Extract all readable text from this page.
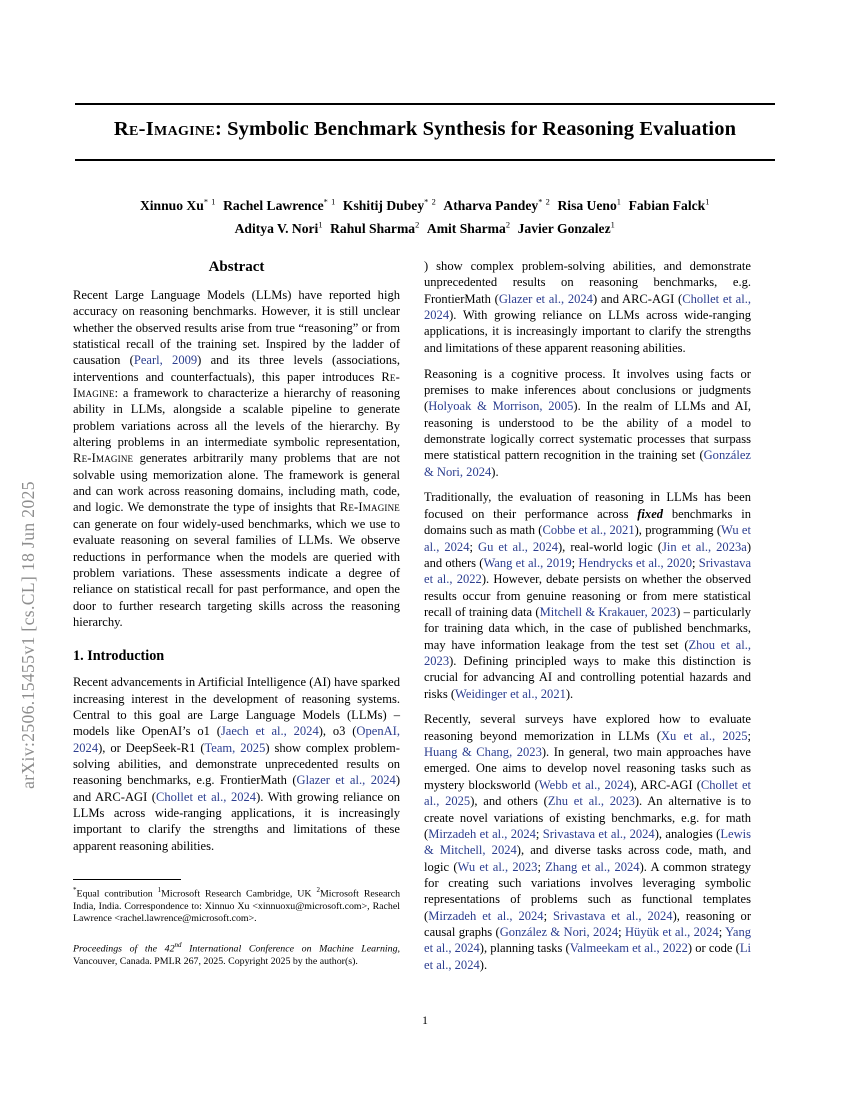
arXiv:2506.15455v1 [cs.CL] 18 Jun 2025
Re-Imagine: Symbolic Benchmark Synthesis for Reasoning Evaluation
Xinnuo Xu$^{* 1}$ Rachel Lawrence$^{* 1}$ Kshitij Dubey$^{* 2}$ Atharva Pandey$^{* 2}$ Risa Ueno$^1$ Fabian Falck$^1$
Aditya V. Nori$^1$ Rahul Sharma$^2$ Amit Sharma$^2$ Javier Gonzalez$^1$
Abstract

Recent Large Language Models (LLMs) have reported high accuracy on reasoning benchmarks. However, it is still unclear whether the observed results arise from true “reasoning” or from statistical recall of the training set. Inspired by the ladder of causation (Pearl, 2009) and its three levels (associations, interventions and counterfactuals), this paper introduces Re-Imagine: a framework to characterize a hierarchy of reasoning ability in LLMs, alongside a scalable pipeline to generate problem variations across all the levels of the hierarchy. By altering problems in an intermediate symbolic representation, Re-Imagine generates arbitrarily many problems that are not solvable using memorization alone. The framework is general and can work across reasoning domains, including math, code, and logic. We demonstrate the type of insights that Re-Imagine can generate on four widely-used benchmarks, which we use to evaluate reasoning on several families of LLMs. We observe reductions in performance when the models are queried with problem variations. These assessments indicate a degree of reliance on statistical recall for past performance, and open the door to further research targeting skills across the reasoning hierarchy.

1. Introduction

Recent advancements in Artificial Intelligence (AI) have sparked increasing interest in the development of reasoning systems. Central to this goal are Large Language Models (LLMs) – models like OpenAI’s o1 (Jaech et al., 2024), o3 (OpenAI, 2024), or DeepSeek-R1 (Team, 2025) show complex problem-solving abilities, and demonstrate unprecedented results on reasoning benchmarks, e.g. FrontierMath (Glazer et al., 2024) and ARC-AGI (Chollet et al., 2024). With growing reliance on LLMs across wide-ranging applications, it is increasingly important to clarify the strengths and limitations of these apparent reasoning abilities.

) show complex problem-solving abilities, and demonstrate unprecedented results on reasoning benchmarks, e.g. FrontierMath (Glazer et al., 2024) and ARC-AGI (Chollet et al., 2024). With growing reliance on LLMs across wide-ranging applications, it is increasingly important to clarify the strengths and limitations of these apparent reasoning abilities.

Reasoning is a cognitive process. It involves using facts or premises to make inferences about conclusions or judgments (Holyoak & Morrison, 2005). In the realm of LLMs and AI, reasoning is understood to be the ability of a model to demonstrate logically correct systematic processes that surpass mere statistical pattern recognition in the training set (González & Nori, 2024).

Traditionally, the evaluation of reasoning in LLMs has been focused on their performance across fixed benchmarks in domains such as math (Cobbe et al., 2021), programming (Wu et al., 2024; Gu et al., 2024), real-world logic (Jin et al., 2023a) and others (Wang et al., 2019; Hendrycks et al., 2020; Srivastava et al., 2022). However, debate persists on whether the observed results occur from genuine reasoning or from mere statistical recall of training data (Mitchell & Krakauer, 2023) – particularly for training data which, in the case of published benchmarks, may have information leakage from the test set (Zhou et al., 2023). Defining principled ways to make this distinction is crucial for advancing AI and controlling potential hazards and risks (Weidinger et al., 2021).

Recently, several surveys have explored how to evaluate reasoning beyond memorization in LLMs (Xu et al., 2025; Huang & Chang, 2023). In general, two main approaches have emerged. One aims to develop novel reasoning tasks such as mystery blocksworld (Webb et al., 2024), ARC-AGI (Chollet et al., 2025), and others (Zhu et al., 2023). An alternative is to create novel variations of existing benchmarks, e.g. for math (Mirzadeh et al., 2024; Srivastava et al., 2024), analogies (Lewis & Mitchell, 2024), and diverse tasks across code, math, and logic (Wu et al., 2023; Zhang et al., 2024). A common strategy for creating such variations involves leveraging symbolic representations of problems such as functional templates (Mirzadeh et al., 2024; Srivastava et al., 2024), reasoning or causal graphs (González & Nori, 2024; Hüyük et al., 2024; Yang et al., 2024), planning tasks (Valmeekam et al., 2022) or code (Li et al., 2024).

*Equal contribution $^1$Microsoft Research Cambridge, UK $^2$Microsoft Research India, India. Correspondence to: Xinnuo Xu <xinnuoxu@microsoft.com>, Rachel Lawrence <rachel.lawrence@microsoft.com>.

Proceedings of the 42nd International Conference on Machine Learning, Vancouver, Canada. PMLR 267, 2025. Copyright 2025 by the author(s).

1
